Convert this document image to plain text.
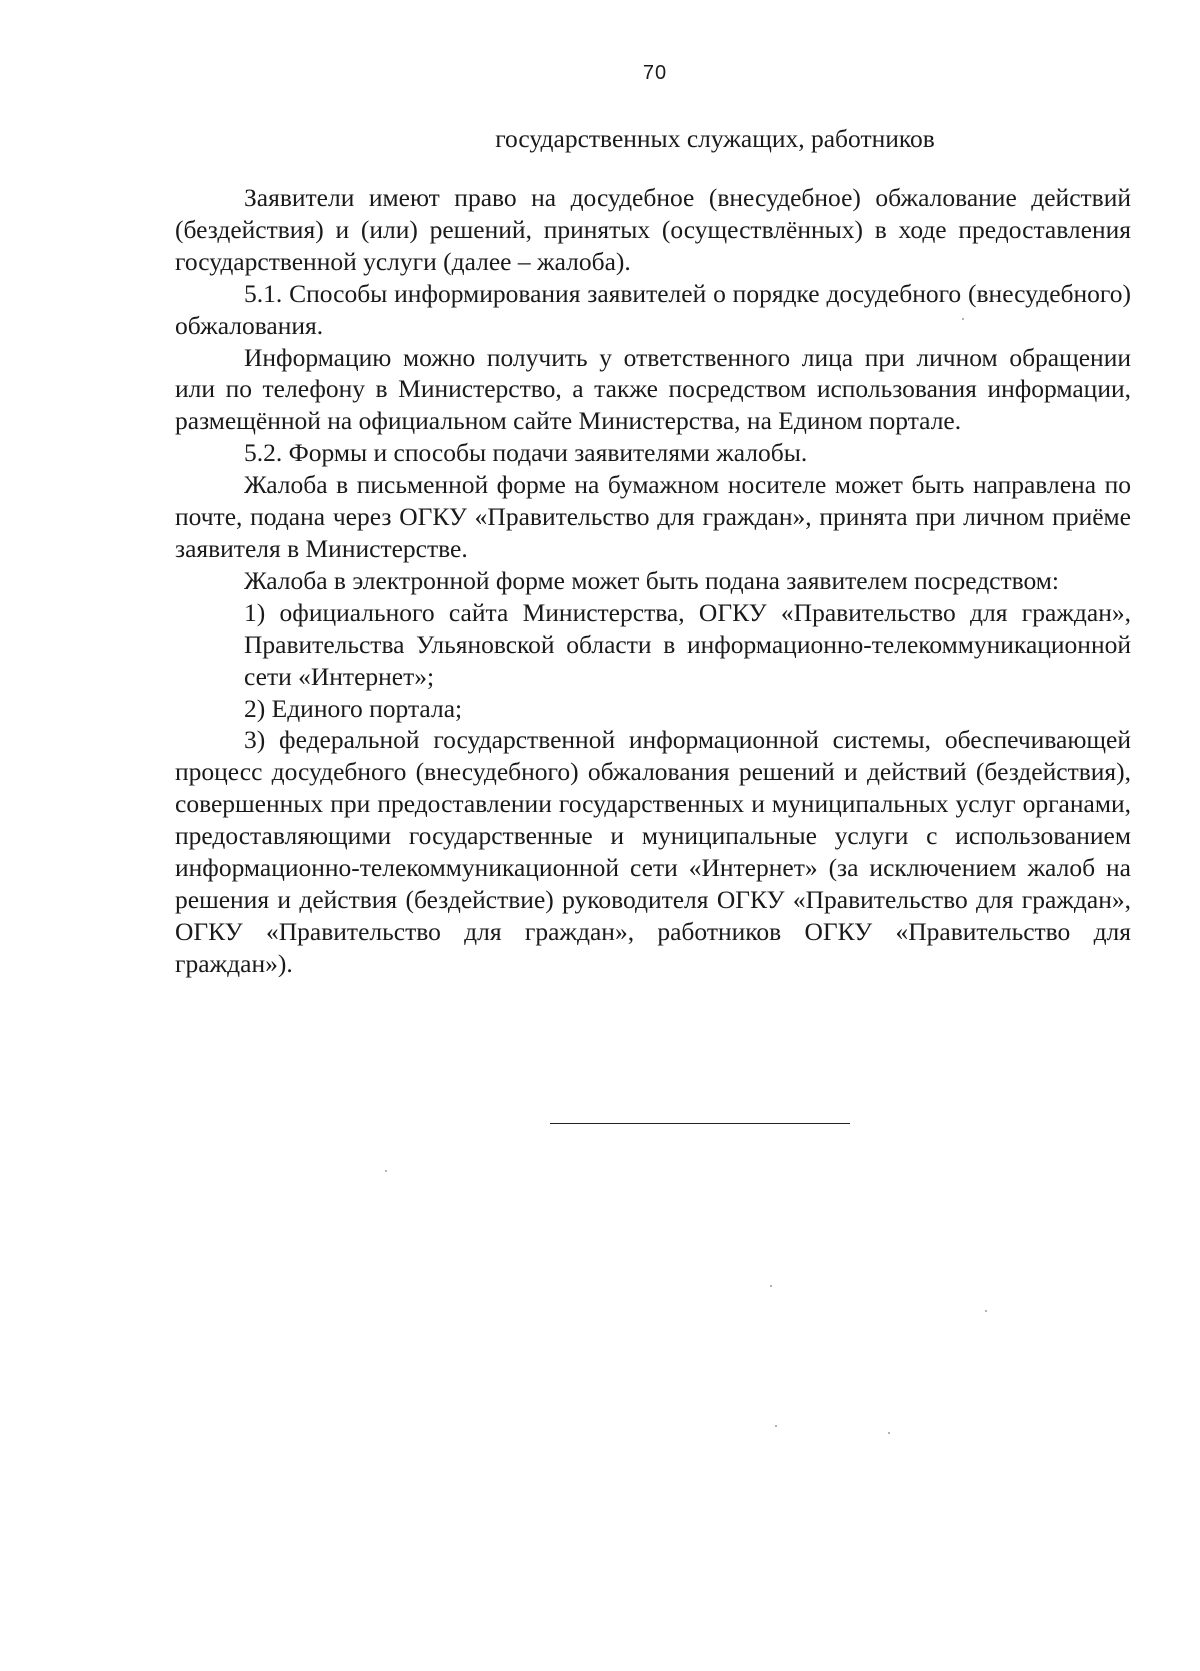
70
государственных служащих, работников

Заявители имеют право на досудебное (внесудебное) обжалование действий (бездействия) и (или) решений, принятых (осуществлённых) в ходе предоставления государственной услуги (далее – жалоба).

5.1. Способы информирования заявителей о порядке досудебного (внесудебного) обжалования.

Информацию можно получить у ответственного лица при личном обращении или по телефону в Министерство, а также посредством использования информации, размещённой на официальном сайте Министерства, на Едином портале.

5.2. Формы и способы подачи заявителями жалобы.

Жалоба в письменной форме на бумажном носителе может быть направлена по почте, подана через ОГКУ «Правительство для граждан», принята при личном приёме заявителя в Министерстве.

Жалоба в электронной форме может быть подана заявителем посредством:

1) официального сайта Министерства, ОГКУ «Правительство для граждан», Правительства Ульяновской области в информационно-телекоммуникационной сети «Интернет»;

2) Единого портала;

3) федеральной государственной информационной системы, обеспечивающей процесс досудебного (внесудебного) обжалования решений и действий (бездействия), совершенных при предоставлении государственных и муниципальных услуг органами, предоставляющими государственные и муниципальные услуги с использованием информационно-телекоммуникационной сети «Интернет» (за исключением жалоб на решения и действия (бездействие) руководителя ОГКУ «Правительство для граждан», ОГКУ «Правительство для граждан», работников ОГКУ «Правительство для граждан»).
